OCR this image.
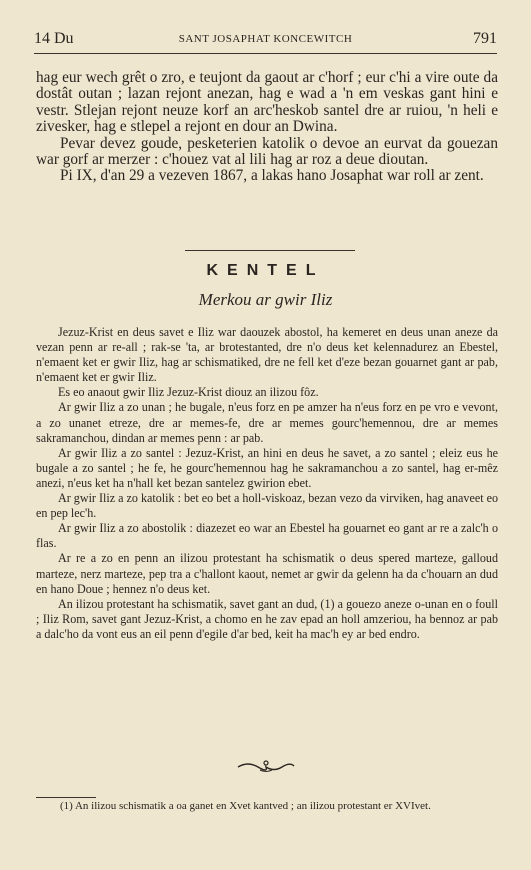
14 Du	SANT JOSAPHAT KONCEWITCH	791

hag eur wech grêt o zro, e teujont da gaout ar c'horf ; eur c'hi a vire oute da dostât outan ; lazan rejont anezan, hag e wad a 'n em veskas gant hini e vestr. Stlejan rejont neuze korf an arc'heskob santel dre ar ruiou, 'n heli e zivesker, hag e stlepel a rejont en dour an Dwina.

Pevar devez goude, pesketerien katolik o devoe an eurvat da gouezan war gorf ar merzer : c'houez vat al lili hag ar roz a deue dioutan.

Pi IX, d'an 29 a vezeven 1867, a lakas hano Josaphat war roll ar zent.

KENTEL
Merkou ar gwir Iliz

Jezuz-Krist en deus savet e Iliz war daouzek abostol, ha kemeret en deus unan aneze da vezan penn ar re-all ; rak-se 'ta, ar brotestanted, dre n'o deus ket kelennadurez an Ebestel, n'emaent ket er gwir Iliz, hag ar schismatiked, dre ne fell ket d'eze bezan gouarnet gant ar pab, n'emaent ket er gwir Iliz.

Es eo anaout gwir Iliz Jezuz-Krist diouz an ilizou fôz.

Ar gwir Iliz a zo unan ; he bugale, n'eus forz en pe amzer ha n'eus forz en pe vro e vevont, a zo unanet etreze, dre ar memes-fe, dre ar memes gourc'hemennou, dre ar memes sakramanchou, dindan ar memes penn : ar pab.

Ar gwir Iliz a zo santel : Jezuz-Krist, an hini en deus he savet, a zo santel ; eleiz eus he bugale a zo santel ; he fe, he gourc'hemennou hag he sakramanchou a zo santel, hag er-mêz anezi, n'eus ket ha n'hall ket bezan santelez gwirion ebet.

Ar gwir Iliz a zo katolik : bet eo bet a holl-viskoaz, bezan vezo da virviken, hag anaveet eo en pep lec'h.

Ar gwir Iliz a zo abostolik : diazezet eo war an Ebestel ha gouarnet eo gant ar re a zalc'h o flas.

Ar re a zo en penn an ilizou protestant ha schismatik o deus spered marteze, galloud marteze, nerz marteze, pep tra a c'hallont kaout, nemet ar gwir da gelenn ha da c'houarn an dud en hano Doue ; hennez n'o deus ket.

An ilizou protestant ha schismatik, savet gant an dud, (1) a gouezo aneze o-unan en o foull ; Iliz Rom, savet gant Jezuz-Krist, a chomo en he zav epad an holl amzeriou, ha bennoz ar pab a dalc'ho da vont eus an eil penn d'egile d'ar bed, keit ha mac'h ey ar bed endro.

(1) An ilizou schismatik a oa ganet en Xvet kantved ; an ilizou protestant er XVIvet.
